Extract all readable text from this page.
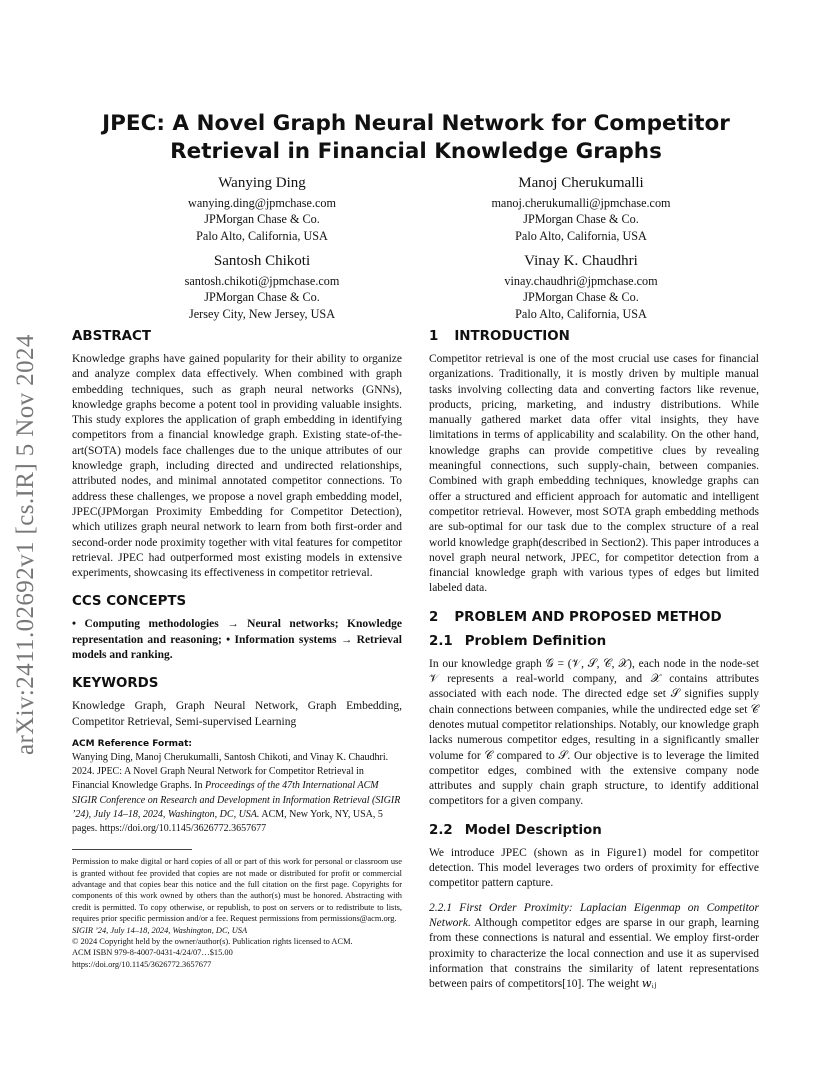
arXiv:2411.02692v1 [cs.IR] 5 Nov 2024
JPEC: A Novel Graph Neural Network for Competitor Retrieval in Financial Knowledge Graphs
Wanying Ding
wanying.ding@jpmchase.com
JPMorgan Chase & Co.
Palo Alto, California, USA
Manoj Cherukumalli
manoj.cherukumalli@jpmchase.com
JPMorgan Chase & Co.
Palo Alto, California, USA
Santosh Chikoti
santosh.chikoti@jpmchase.com
JPMorgan Chase & Co.
Jersey City, New Jersey, USA
Vinay K. Chaudhri
vinay.chaudhri@jpmchase.com
JPMorgan Chase & Co.
Palo Alto, California, USA
ABSTRACT

Knowledge graphs have gained popularity for their ability to organize and analyze complex data effectively. When combined with graph embedding techniques, such as graph neural networks (GNNs), knowledge graphs become a potent tool in providing valuable insights. This study explores the application of graph embedding in identifying competitors from a financial knowledge graph. Existing state-of-the-art(SOTA) models face challenges due to the unique attributes of our knowledge graph, including directed and undirected relationships, attributed nodes, and minimal annotated competitor connections. To address these challenges, we propose a novel graph embedding model, JPEC(JPMorgan Proximity Embedding for Competitor Detection), which utilizes graph neural network to learn from both first-order and second-order node proximity together with vital features for competitor retrieval. JPEC had outperformed most existing models in extensive experiments, showcasing its effectiveness in competitor retrieval.

CCS CONCEPTS

• Computing methodologies → Neural networks; Knowledge representation and reasoning; • Information systems → Retrieval models and ranking.

KEYWORDS

Knowledge Graph, Graph Neural Network, Graph Embedding, Competitor Retrieval, Semi-supervised Learning

ACM Reference Format:

Wanying Ding, Manoj Cherukumalli, Santosh Chikoti, and Vinay K. Chaudhri. 2024. JPEC: A Novel Graph Neural Network for Competitor Retrieval in Financial Knowledge Graphs. In Proceedings of the 47th International ACM SIGIR Conference on Research and Development in Information Retrieval (SIGIR ’24), July 14–18, 2024, Washington, DC, USA. ACM, New York, NY, USA, 5 pages. https://doi.org/10.1145/3626772.3657677

Permission to make digital or hard copies of all or part of this work for personal or classroom use is granted without fee provided that copies are not made or distributed for profit or commercial advantage and that copies bear this notice and the full citation on the first page. Copyrights for components of this work owned by others than the author(s) must be honored. Abstracting with credit is permitted. To copy otherwise, or republish, to post on servers or to redistribute to lists, requires prior specific permission and/or a fee. Request permissions from permissions@acm.org.

SIGIR ’24, July 14–18, 2024, Washington, DC, USA

© 2024 Copyright held by the owner/author(s). Publication rights licensed to ACM.

ACM ISBN 979-8-4007-0431-4/24/07…$15.00

https://doi.org/10.1145/3626772.3657677

1 INTRODUCTION

Competitor retrieval is one of the most crucial use cases for financial organizations. Traditionally, it is mostly driven by multiple manual tasks involving collecting data and converting factors like revenue, products, pricing, marketing, and industry distributions. While manually gathered market data offer vital insights, they have limitations in terms of applicability and scalability. On the other hand, knowledge graphs can provide competitive clues by revealing meaningful connections, such supply-chain, between companies. Combined with graph embedding techniques, knowledge graphs can offer a structured and efficient approach for automatic and intelligent competitor retrieval. However, most SOTA graph embedding methods are sub-optimal for our task due to the complex structure of a real world knowledge graph(described in Section2). This paper introduces a novel graph neural network, JPEC, for competitor detection from a financial knowledge graph with various types of edges but limited labeled data.

2 PROBLEM AND PROPOSED METHOD
2.1 Problem Definition

In our knowledge graph 𝒢 = (𝒱, 𝒮, 𝒞, 𝒳), each node in the node-set 𝒱 represents a real-world company, and 𝒳 contains attributes associated with each node. The directed edge set 𝒮 signifies supply chain connections between companies, while the undirected edge set 𝒞 denotes mutual competitor relationships. Notably, our knowledge graph lacks numerous competitor edges, resulting in a significantly smaller volume for 𝒞 compared to 𝒮. Our objective is to leverage the limited competitor edges, combined with the extensive company node attributes and supply chain graph structure, to identify additional competitors for a given company.

2.2 Model Description

We introduce JPEC (shown as in Figure1) model for competitor detection. This model leverages two orders of proximity for effective competitor pattern capture.

2.2.1 First Order Proximity: Laplacian Eigenmap on Competitor Network. Although competitor edges are sparse in our graph, learning from these connections is natural and essential. We employ first-order proximity to characterize the local connection and use it as supervised information that constrains the similarity of latent representations between pairs of competitors[10]. The weight 𝑤ᵢⱼ
